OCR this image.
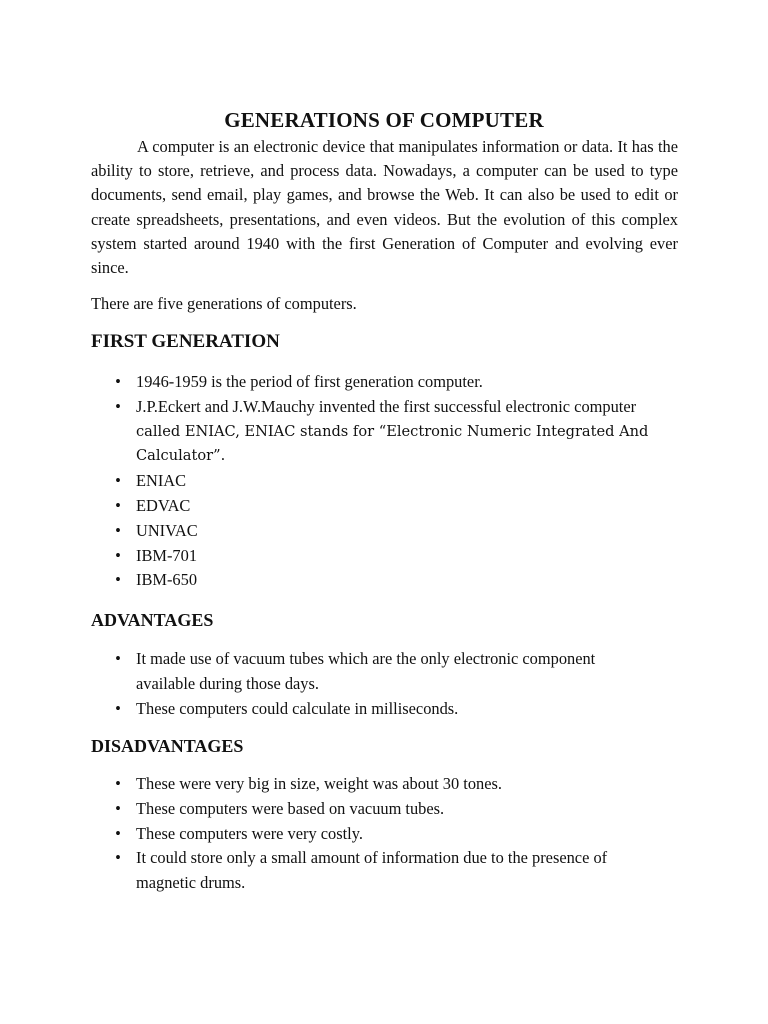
GENERATIONS OF COMPUTER

A computer is an electronic device that manipulates information or data. It has the ability to store, retrieve, and process data. Nowadays, a computer can be used to type documents, send email, play games, and browse the Web. It can also be used to edit or create spreadsheets, presentations, and even videos. But the evolution of this complex system started around 1940 with the first Generation of Computer and evolving ever since.

There are five generations of computers.

FIRST GENERATION
• 1946-1959 is the period of first generation computer.
• J.P.Eckert and J.W.Mauchy invented the first successful electronic computer
called ENIAC, ENIAC stands for “Electronic Numeric Integrated And Calculator”.
• ENIAC
• EDVAC
• UNIVAC
• IBM-701
• IBM-650
ADVANTAGES
• It made use of vacuum tubes which are the only electronic component available during those days.
• These computers could calculate in milliseconds.
DISADVANTAGES
• These were very big in size, weight was about 30 tones.
• These computers were based on vacuum tubes.
• These computers were very costly.
• It could store only a small amount of information due to the presence of magnetic drums.
